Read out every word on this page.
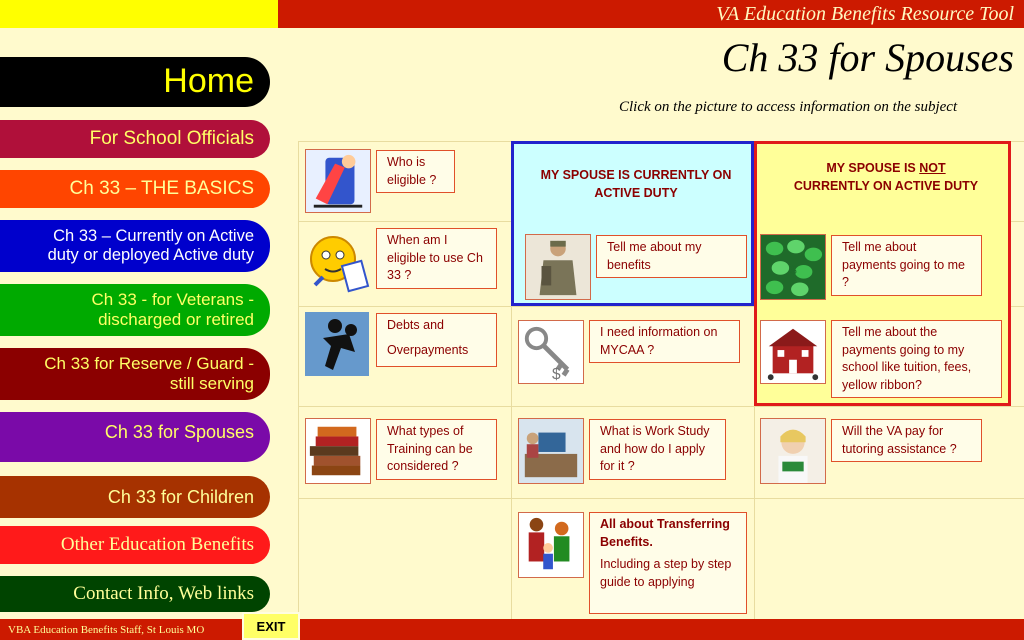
VA Education Benefits Resource Tool
Ch 33 for Spouses
Click on the picture to access information on the subject
Home
For School Officials
Ch 33 – THE BASICS
Ch 33 – Currently on Active
duty or deployed Active duty
Ch 33 - for Veterans -
discharged or retired
Ch 33 for Reserve / Guard -
still serving
Ch 33 for Spouses
Ch 33 for Children
Other Education Benefits
Contact Info, Web links
MY SPOUSE IS CURRENTLY ON ACTIVE DUTY
MY SPOUSE IS NOT
CURRENTLY ON ACTIVE DUTY
Who is eligible ?
When am I eligible to use Ch 33 ?
Debts and
Overpayments
What types of Training can be considered ?
$
Tell me about my benefits
I need information on MYCAA ?
What is Work Study and how do I apply for it ?
All about Transferring Benefits.
Including a step by step guide to applying
$
Tell me about payments going to me ?
Tell me about the payments going to my school like tuition, fees, yellow ribbon?
Will the VA pay for tutoring assistance ?
VBA Education Benefits Staff, St Louis MO	EXIT
